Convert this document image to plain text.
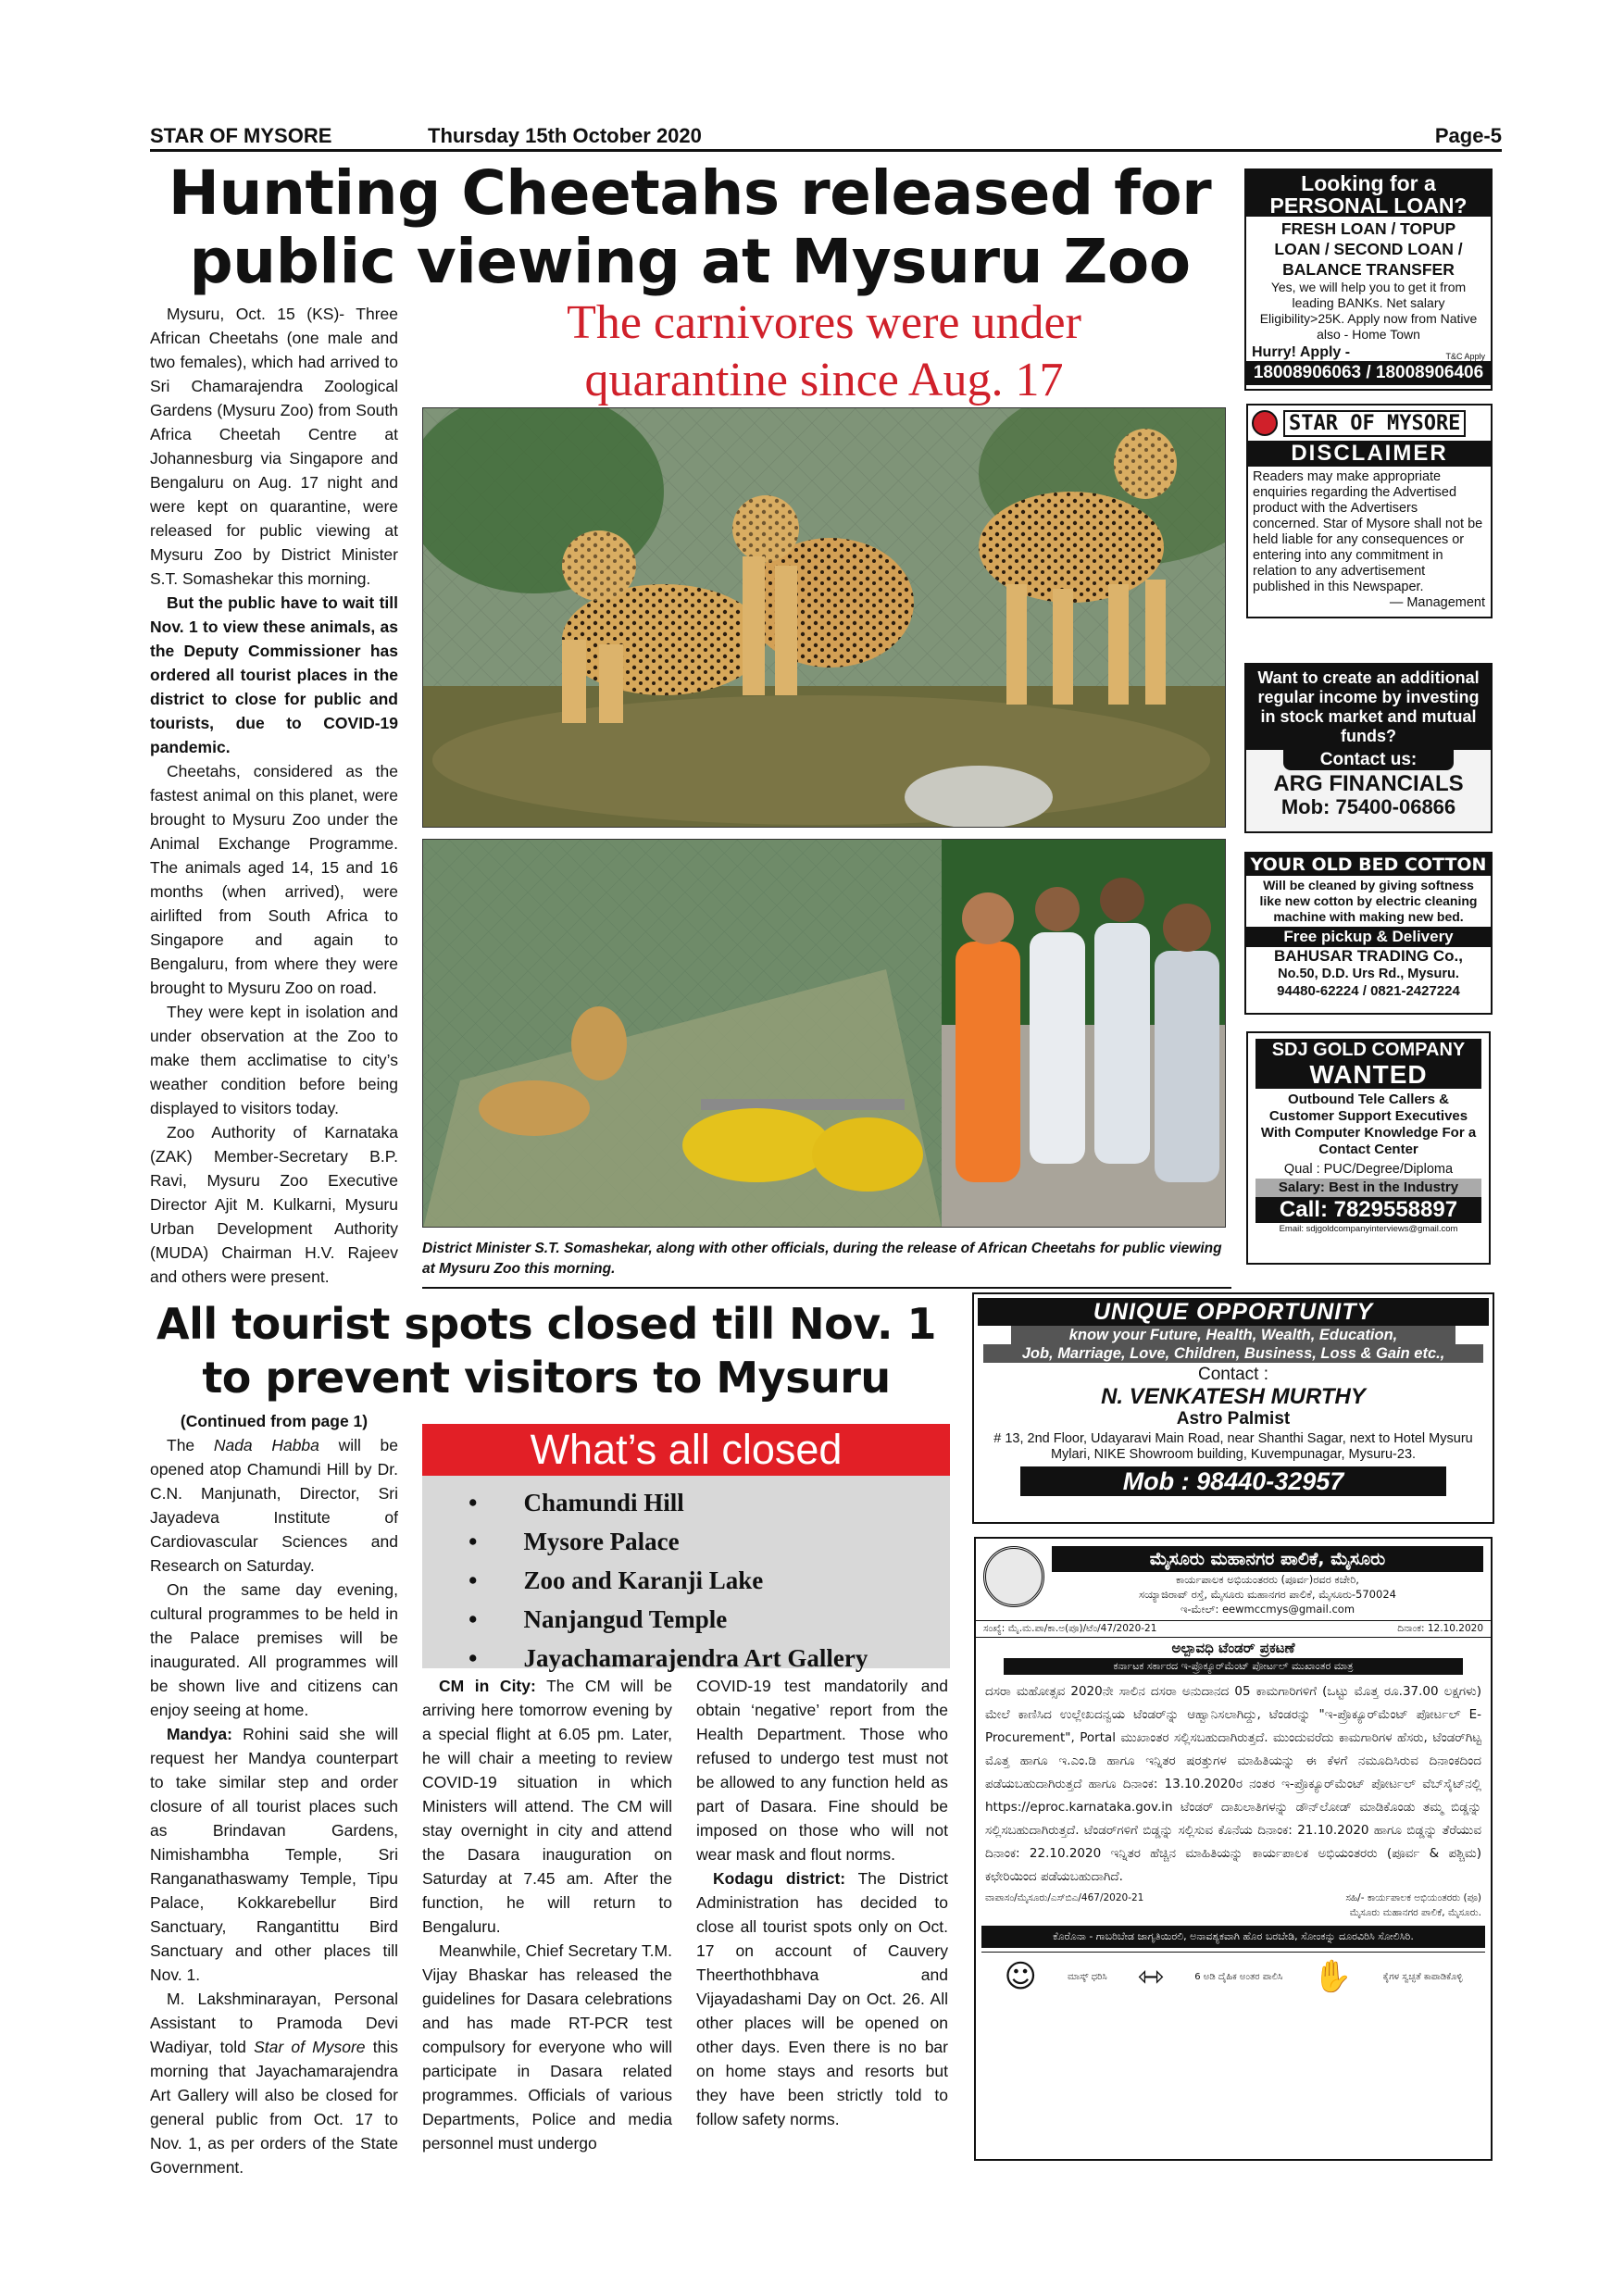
STAR OF MYSORE	Thursday 15th October 2020	Page-5
Hunting Cheetahs released for
public viewing at Mysuru Zoo
The carnivores were under
quarantine since Aug. 17

Mysuru, Oct. 15 (KS)- Three African Cheetahs (one male and two females), which had arrived to Sri Chamarajendra Zoological Gardens (Mysuru Zoo) from South Africa Cheetah Centre at Johannesburg via Singapore and Bengaluru on Aug. 17 night and were kept on quarantine, were released for public viewing at Mysuru Zoo by District Minister S.T. Somashekar this morning.

But the public have to wait till Nov. 1 to view these animals, as the Deputy Commissioner has ordered all tourist places in the district to close for public and tourists, due to COVID-19 pandemic.

Cheetahs, considered as the fastest animal on this planet, were brought to Mysuru Zoo under the Animal Exchange Programme. The animals aged 14, 15 and 16 months (when arrived), were airlifted from South Africa to Singapore and again to Bengaluru, from where they were brought to Mysuru Zoo on road.

They were kept in isolation and under observation at the Zoo to make them acclimatise to city’s weather condition before being displayed to visitors today.

Zoo Authority of Karnataka (ZAK) Member-Secretary B.P. Ravi, Mysuru Zoo Executive Director Ajit M. Kulkarni, Mysuru Urban Development Authority (MUDA) Chairman H.V. Rajeev and others were present.

District Minister S.T. Somashekar, along with other officials, during the release of African Cheetahs for public viewing at Mysuru Zoo this morning.
All tourist spots closed till Nov. 1
to prevent visitors to Mysuru
(Continued from page 1)

The Nada Habba will be opened atop Chamundi Hill by Dr. C.N. Manjunath, Director, Sri Jayadeva Institute of Cardiovascular Sciences and Research on Saturday.

On the same day evening, cultural programmes to be held in the Palace premises will be inaugurated. All programmes will be shown live and citizens can enjoy seeing at home.

Mandya: Rohini said she will request her Mandya counterpart to take similar step and order closure of all tourist places such as Brindavan Gardens, Nimishambha Temple, Sri Ranganathaswamy Temple, Tipu Palace, Kokkarebellur Bird Sanctuary, Rangantittu Bird Sanctuary and other places till Nov. 1.

M. Lakshminarayan, Personal Assistant to Pramoda Devi Wadiyar, told Star of Mysore this morning that Jayachamarajendra Art Gallery will also be closed for general public from Oct. 17 to Nov. 1, as per orders of the State Government.

What’s all closed
• Chamundi Hill
• Mysore Palace
• Zoo and Karanji Lake
• Nanjangud Temple
• Jayachamarajendra Art Gallery

CM in City: The CM will be arriving here tomorrow evening by a special flight at 6.05 pm. Later, he will chair a meeting to review COVID-19 situation in which Ministers will attend. The CM will stay overnight in city and attend the Dasara inauguration on Saturday at 7.45 am. After the function, he will return to Bengaluru.

Meanwhile, Chief Secretary T.M. Vijay Bhaskar has released the guidelines for Dasara celebrations and has made RT-PCR test compulsory for everyone who will participate in Dasara related programmes. Officials of various Departments, Police and media personnel must undergo

COVID-19 test mandatorily and obtain ‘negative’ report from the Health Department. Those who refused to undergo test must not be allowed to any function held as part of Dasara. Fine should be imposed on those who will not wear mask and flout norms.

Kodagu district: The District Administration has decided to close all tourist spots only on Oct. 17 on account of Cauvery Theerthothbhava and Vijayadashami Day on Oct. 26. All other places will be opened on other days. Even there is no bar on home stays and resorts but they have been strictly told to follow safety norms.

Looking for a
PERSONAL LOAN?
FRESH LOAN / TOPUP
LOAN / SECOND LOAN /
BALANCE TRANSFER
Yes, we will help you to get it from leading BANKs. Net salary Eligibility>25K. Apply now from Native also - Home Town
Hurry! Apply -	T&C Apply
18008906063 / 18008906406
STAR OF MYSORE
DISCLAIMER
Readers may make appropriate enquiries regarding the Advertised product with the Advertisers concerned. Star of Mysore shall not be held liable for any consequences or entering into any commitment in relation to any advertisement published in this Newspaper.
— Management
Want to create an additional regular income by investing in stock market and mutual funds?
Contact us:
ARG FINANCIALS
Mob: 75400-06866
YOUR OLD BED COTTON
Will be cleaned by giving softness like new cotton by electric cleaning machine with making new bed.
Free pickup & Delivery
BAHUSAR TRADING Co.,
No.50, D.D. Urs Rd., Mysuru.
94480-62224 / 0821-2427224
SDJ GOLD COMPANY
WANTED
Outbound Tele Callers & Customer Support Executives With Computer Knowledge For a Contact Center
Qual : PUC/Degree/Diploma
Salary: Best in the Industry
Call: 7829558897
Email: sdjgoldcompanyinterviews@gmail.com
UNIQUE OPPORTUNITY
know your Future, Health, Wealth, Education,
Job, Marriage, Love, Children, Business, Loss & Gain etc.,
Contact :
N. VENKATESH MURTHY
Astro Palmist
# 13, 2nd Floor, Udayaravi Main Road, near Shanthi Sagar, next to Hotel Mysuru Mylari, NIKE Showroom building, Kuvempunagar, Mysuru-23.
Mob : 98440-32957
ಮೈಸೂರು ಮಹಾನಗರ ಪಾಲಿಕೆ, ಮೈಸೂರು
ಕಾರ್ಯಪಾಲಕ ಅಭಿಯಂತರರು (ಪೂರ್ವ)ರವರ ಕಚೇರಿ,
ಸಯ್ಯಾಜಿರಾವ್ ರಸ್ತೆ, ಮೈಸೂರು ಮಹಾನಗರ ಪಾಲಿಕೆ, ಮೈಸೂರು-570024
ಇ-ಮೇಲ್: eewmccmys@gmail.com
ಸಂಖ್ಯೆ: ಮೈ.ಮ.ಪಾ/ಕಾ.ಅ(ಪೂ)/ಟೆಂ/47/2020-21	ದಿನಾಂಕ: 12.10.2020
ಅಲ್ಪಾವಧಿ ಟೆಂಡರ್ ಪ್ರಕಟಣೆ
ಕರ್ನಾಟಕ ಸರ್ಕಾರದ ಇ-ಪ್ರೊಕ್ಯೂರ್‌ಮೆಂಟ್ ಪೋರ್ಟಲ್ ಮುಖಾಂತರ ಮಾತ್ರ
ದಸರಾ ಮಹೋತ್ಸವ 2020ನೇ ಸಾಲಿನ ದಸರಾ ಅನುದಾನದ 05 ಕಾಮಗಾರಿಗಳಿಗೆ (ಒಟ್ಟು ಮೊತ್ತ ರೂ.37.00 ಲಕ್ಷಗಳು) ಮೇಲೆ ಕಾಣಿಸಿದ ಉಲ್ಲೇಖದನ್ವಯ ಟೆಂಡರ್‌ನ್ನು ಆಹ್ವಾನಿಸಲಾಗಿದ್ದು, ಟೆಂಡರನ್ನು "ಇ-ಪ್ರೊಕ್ಯೂರ್‌ಮೆಂಟ್ ಪೋರ್ಟಲ್ E-Procurement", Portal ಮುಖಾಂತರ ಸಲ್ಲಿಸಬಹುದಾಗಿರುತ್ತದೆ. ಮುಂದುವರೆದು ಕಾಮಗಾರಿಗಳ ಹೆಸರು, ಟೆಂಡರ್‌ಗಿಟ್ಟ ಮೊತ್ತ ಹಾಗೂ ಇ.ಎಂ.ಡಿ ಹಾಗೂ ಇನ್ನಿತರ ಷರತ್ತುಗಳ ಮಾಹಿತಿಯನ್ನು ಈ ಕೆಳಗೆ ನಮೂದಿಸಿರುವ ದಿನಾಂಕದಿಂದ ಪಡೆಯಬಹುದಾಗಿರುತ್ತದೆ ಹಾಗೂ ದಿನಾಂಕ: 13.10.2020ರ ನಂತರ ಇ-ಪ್ರೊಕ್ಯೂರ್‌ಮೆಂಟ್ ಪೋರ್ಟಲ್ ವೆಬ್‌ಸೈಟ್‌ನಲ್ಲಿ https://eproc.karnataka.gov.in ಟೆಂಡರ್ ದಾಖಲಾತಿಗಳನ್ನು ಡೌನ್‌ಲೋಡ್ ಮಾಡಿಕೊಂಡು ತಮ್ಮ ಬಿಡ್ಡನ್ನು ಸಲ್ಲಿಸಬಹುದಾಗಿರುತ್ತದೆ. ಟೆಂಡರ್‌ಗಳಿಗೆ ಬಿಡ್ಡನ್ನು ಸಲ್ಲಿಸುವ ಕೊನೆಯ ದಿನಾಂಕ: 21.10.2020 ಹಾಗೂ ಬಿಡ್ಡನ್ನು ತೆರೆಯುವ ದಿನಾಂಕ: 22.10.2020 ಇನ್ನಿತರ ಹೆಚ್ಚಿನ ಮಾಹಿತಿಯನ್ನು ಕಾರ್ಯಪಾಲಕ ಅಭಿಯಂತರರು (ಪೂರ್ವ & ಪಶ್ಚಿಮ) ಕಛೇರಿಯಿಂದ ಪಡೆಯಬಹುದಾಗಿದೆ.
ವಾಪಾಸಂ/ಮೈಸೂರು/ಎಸ್‌ಬಿಎ/467/2020-21	ಸಹಿ/- ಕಾರ್ಯಪಾಲಕ ಅಭಿಯಂತರರು (ಪೂ)
ಮೈಸೂರು ಮಹಾನಗರ ಪಾಲಿಕೆ, ಮೈಸೂರು.
ಕೊರೊನಾ - ಗಾಬರಿಬೇಡ ಜಾಗೃತಿಯಿರಲಿ, ಅನಾವಶ್ಯಕವಾಗಿ ಹೊರ ಬರಬೇಡಿ, ಸೋಂಕನ್ನು ದೂರವಿರಿಸಿ ಸೋಲಿಸಿರಿ.
☺	ಮಾಸ್ಕ್ ಧರಿಸಿ ⇿	6 ಅಡಿ ದೈಹಿಕ ಅಂತರ ಪಾಲಿಸಿ ✋	ಕೈಗಳ ಸ್ವಚ್ಛತೆ ಕಾಪಾಡಿಕೊಳ್ಳಿ
